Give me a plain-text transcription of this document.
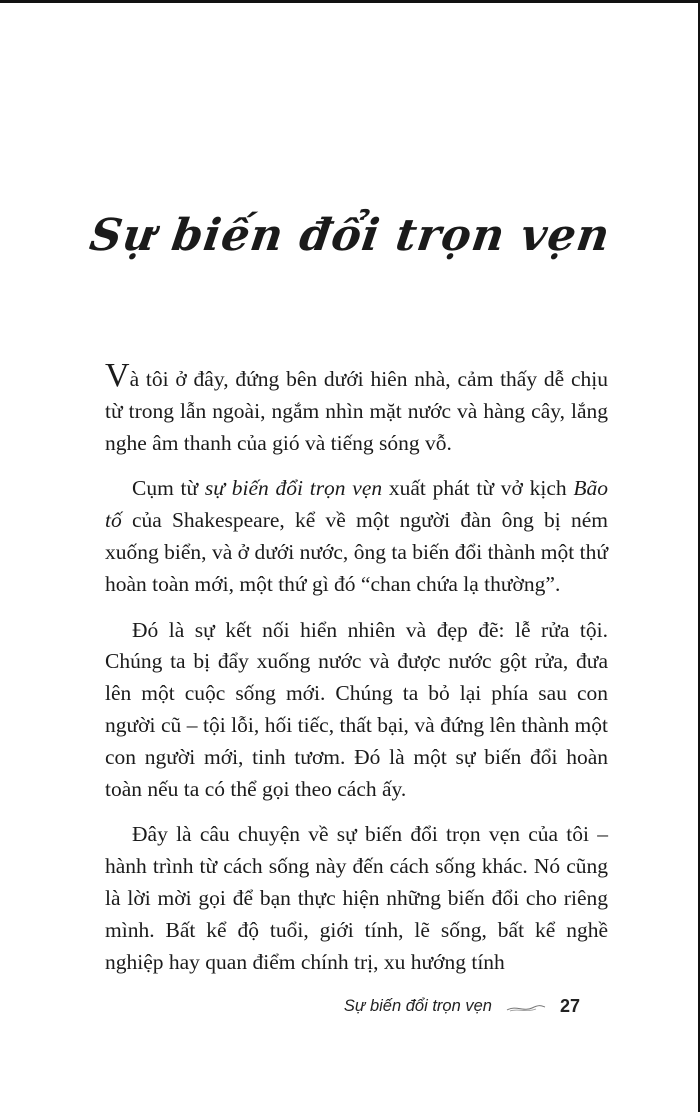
Sự biến đổi trọn vẹn

Và tôi ở đây, đứng bên dưới hiên nhà, cảm thấy dễ chịu từ trong lẫn ngoài, ngắm nhìn mặt nước và hàng cây, lắng nghe âm thanh của gió và tiếng sóng vỗ.

Cụm từ sự biến đổi trọn vẹn xuất phát từ vở kịch Bão tố của Shakespeare, kể về một người đàn ông bị ném xuống biển, và ở dưới nước, ông ta biến đổi thành một thứ hoàn toàn mới, một thứ gì đó “chan chứa lạ thường”.

Đó là sự kết nối hiển nhiên và đẹp đẽ: lễ rửa tội. Chúng ta bị đẩy xuống nước và được nước gột rửa, đưa lên một cuộc sống mới. Chúng ta bỏ lại phía sau con người cũ – tội lỗi, hối tiếc, thất bại, và đứng lên thành một con người mới, tinh tươm. Đó là một sự biến đổi hoàn toàn nếu ta có thể gọi theo cách ấy.

Đây là câu chuyện về sự biến đổi trọn vẹn của tôi – hành trình từ cách sống này đến cách sống khác. Nó cũng là lời mời gọi để bạn thực hiện những biến đổi cho riêng mình. Bất kể độ tuổi, giới tính, lẽ sống, bất kể nghề nghiệp hay quan điểm chính trị, xu hướng tính

Sự biến đổi trọn vẹn	27
